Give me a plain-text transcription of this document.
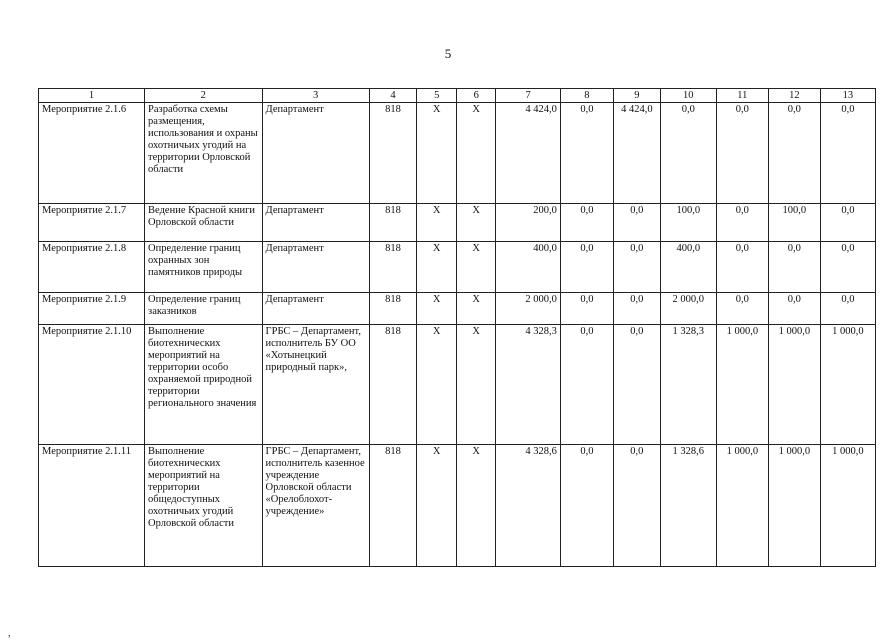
5
1	2	3	4	5	6	7	8	9	10	11	12	13
Мероприятие 2.1.6	Разработка схемы размещения, использования и охраны охотничьих угодий на территории Орловской области	Департамент	818	X	X	4 424,0	0,0	4 424,0	0,0	0,0	0,0	0,0
Мероприятие 2.1.7	Ведение Красной книги Орловской области	Департамент	818	X	X	200,0	0,0	0,0	100,0	0,0	100,0	0,0
Мероприятие 2.1.8	Определение границ охранных зон памятников природы	Департамент	818	X	X	400,0	0,0	0,0	400,0	0,0	0,0	0,0
Мероприятие 2.1.9	Определение границ заказников	Департамент	818	X	X	2 000,0	0,0	0,0	2 000,0	0,0	0,0	0,0
Мероприятие 2.1.10	Выполнение биотехнических мероприятий на территории особо охраняемой природной территории регионального значения	ГРБС – Департамент, исполнитель БУ ОО «Хотынецкий природный парк»,	818	X	X	4 328,3	0,0	0,0	1 328,3	1 000,0	1 000,0	1 000,0
Мероприятие 2.1.11	Выполнение биотехнических мероприятий на территории общедоступных охотничьих угодий Орловской области	ГРБС – Департамент, исполнитель казенное учреждение Орловской области «Орелоблохот-учреждение»	818	X	X	4 328,6	0,0	0,0	1 328,6	1 000,0	1 000,0	1 000,0
,
